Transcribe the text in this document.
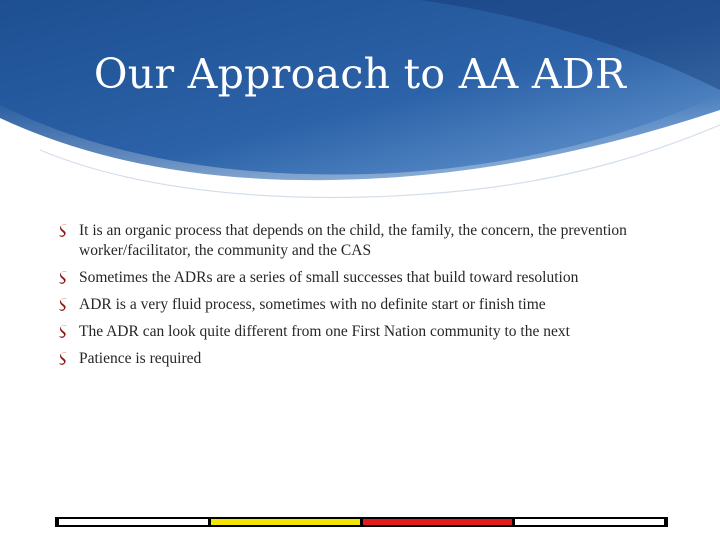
Our Approach to AA ADR
It is an organic process that depends on the child, the family, the concern, the prevention worker/facilitator, the community and the CAS
Sometimes the ADRs are a series of small successes that build toward resolution
ADR is a very fluid process, sometimes with no definite start or finish time
The ADR can look quite different from one First Nation community to the next
Patience is required
